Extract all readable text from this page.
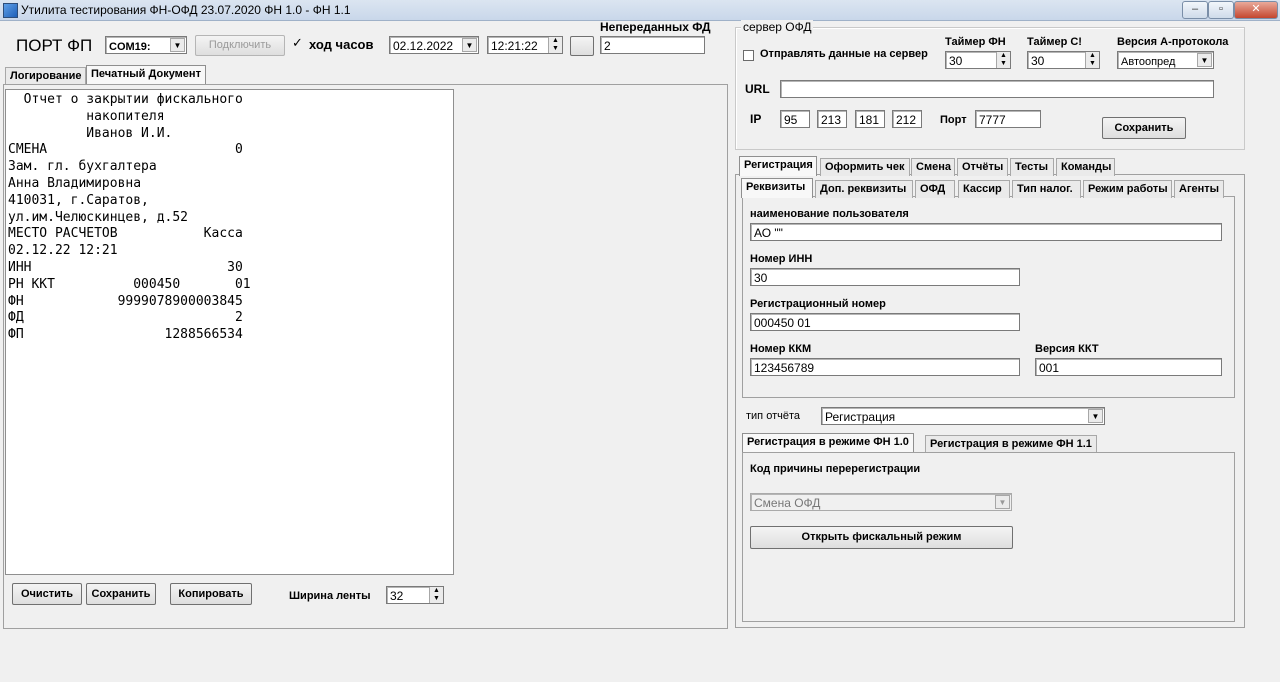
Утилита тестирования ФН-ОФД 23.07.2020 ФН 1.0 - ФН 1.1	–	▫	✕
ПОРТ ФП	COM19:	▼	Подключить	✓ ход часов	02.12.2022	▼	12:21:22	▲
▼
Непереданных ФД
2
Логирование Печатный Документ
Отчет о закрытии фискального
накопителя
Иванов И.И.
СМЕНА                        0
Зам. гл. бухгалтера
Анна Владимировна
410031, г.Саратов,
ул.им.Челюскинцев, д.52
МЕСТО РАСЧЕТОВ           Касса
02.12.22 12:21
ИНН                         30
РН ККТ          000450       01
ФН            9999078900003845
ФД                           2
ФП                  1288566534
Очистить	Сохранить	Копировать	Ширина ленты	32	▲
▼
сервер ОФД
Отправлять данные на сервер
Таймер ФН
30	▲
▼
Таймер С!
30	▲
▼
Версия А-протокола
Автоопред	▼
URL
IP	95	213	181	212	Порт	7777
Сохранить
Регистрация	Оформить чек	Смена	Отчёты	Тесты	Команды
Реквизиты	Доп. реквизиты	ОФД	Кассир	Тип налог.	Режим работы	Агенты
наименование пользователя
АО ""
Номер ИНН
30
Регистрационный номер
000450 01
Номер ККМ
123456789
Версия ККТ
001
тип отчёта	Регистрация	▼
Регистрация в режиме ФН 1.0	Регистрация в режиме ФН 1.1
Код причины перерегистрации
Смена ОФД	▼
Открыть фискальный режим
